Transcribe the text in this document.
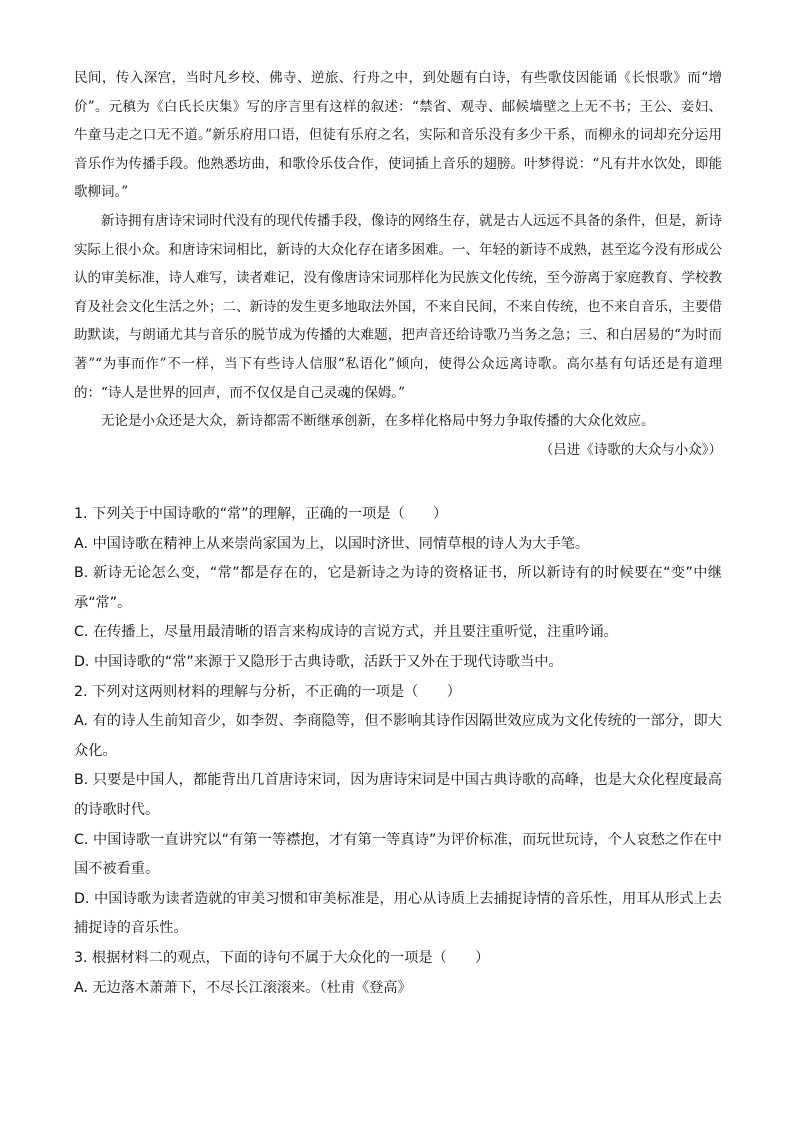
民间，传入深宫，当时凡乡校、佛寺、逆旅、行舟之中，到处题有白诗，有些歌伎因能诵《长恨歌》而“增价”。元稹为《白氏长庆集》写的序言里有这样的叙述：“禁省、观寺、邮候墙壁之上无不书；王公、妾妇、牛童马走之口无不道。”新乐府用口语，但徒有乐府之名，实际和音乐没有多少干系，而柳永的词却充分运用音乐作为传播手段。他熟悉坊曲，和歌伶乐伎合作，使词插上音乐的翅膀。叶梦得说：“凡有井水饮处，即能歌柳词。”

新诗拥有唐诗宋词时代没有的现代传播手段，像诗的网络生存，就是古人远远不具备的条件，但是，新诗实际上很小众。和唐诗宋词相比，新诗的大众化存在诸多困难。一、年轻的新诗不成熟，甚至迄今没有形成公认的审美标准，诗人难写，读者难记，没有像唐诗宋词那样化为民族文化传统，至今游离于家庭教育、学校教育及社会文化生活之外；二、新诗的发生更多地取法外国，不来自民间，不来自传统，也不来自音乐，主要借助默读，与朗诵尤其与音乐的脱节成为传播的大难题，把声音还给诗歌乃当务之急；三、和白居易的“为时而著”“为事而作”不一样，当下有些诗人信服“私语化”倾向，使得公众远离诗歌。高尔基有句话还是有道理的：“诗人是世界的回声，而不仅仅是自己灵魂的保姆。”

无论是小众还是大众，新诗都需不断继承创新，在多样化格局中努力争取传播的大众化效应。

（吕进《诗歌的大众与小众》）

1. 下列关于中国诗歌的“常”的理解，正确的一项是（　　）

A. 中国诗歌在精神上从来崇尚家国为上，以国时济世、同情草根的诗人为大手笔。

B. 新诗无论怎么变，“常”都是存在的，它是新诗之为诗的资格证书，所以新诗有的时候要在“变”中继承“常”。

C. 在传播上，尽量用最清晰的语言来构成诗的言说方式，并且要注重听觉，注重吟诵。

D. 中国诗歌的“常”来源于又隐形于古典诗歌，活跃于又外在于现代诗歌当中。

2. 下列对这两则材料的理解与分析，不正确的一项是（　　）

A. 有的诗人生前知音少，如李贺、李商隐等，但不影响其诗作因隔世效应成为文化传统的一部分，即大众化。

B. 只要是中国人，都能背出几首唐诗宋词，因为唐诗宋词是中国古典诗歌的高峰，也是大众化程度最高的诗歌时代。

C. 中国诗歌一直讲究以“有第一等襟抱，才有第一等真诗”为评价标准，而玩世玩诗，个人哀愁之作在中国不被看重。

D. 中国诗歌为读者造就的审美习惯和审美标准是，用心从诗质上去捕捉诗情的音乐性，用耳从形式上去捕捉诗的音乐性。

3. 根据材料二的观点，下面的诗句不属于大众化的一项是（　　）

A. 无边落木萧萧下，不尽长江滚滚来。（杜甫《登高》
